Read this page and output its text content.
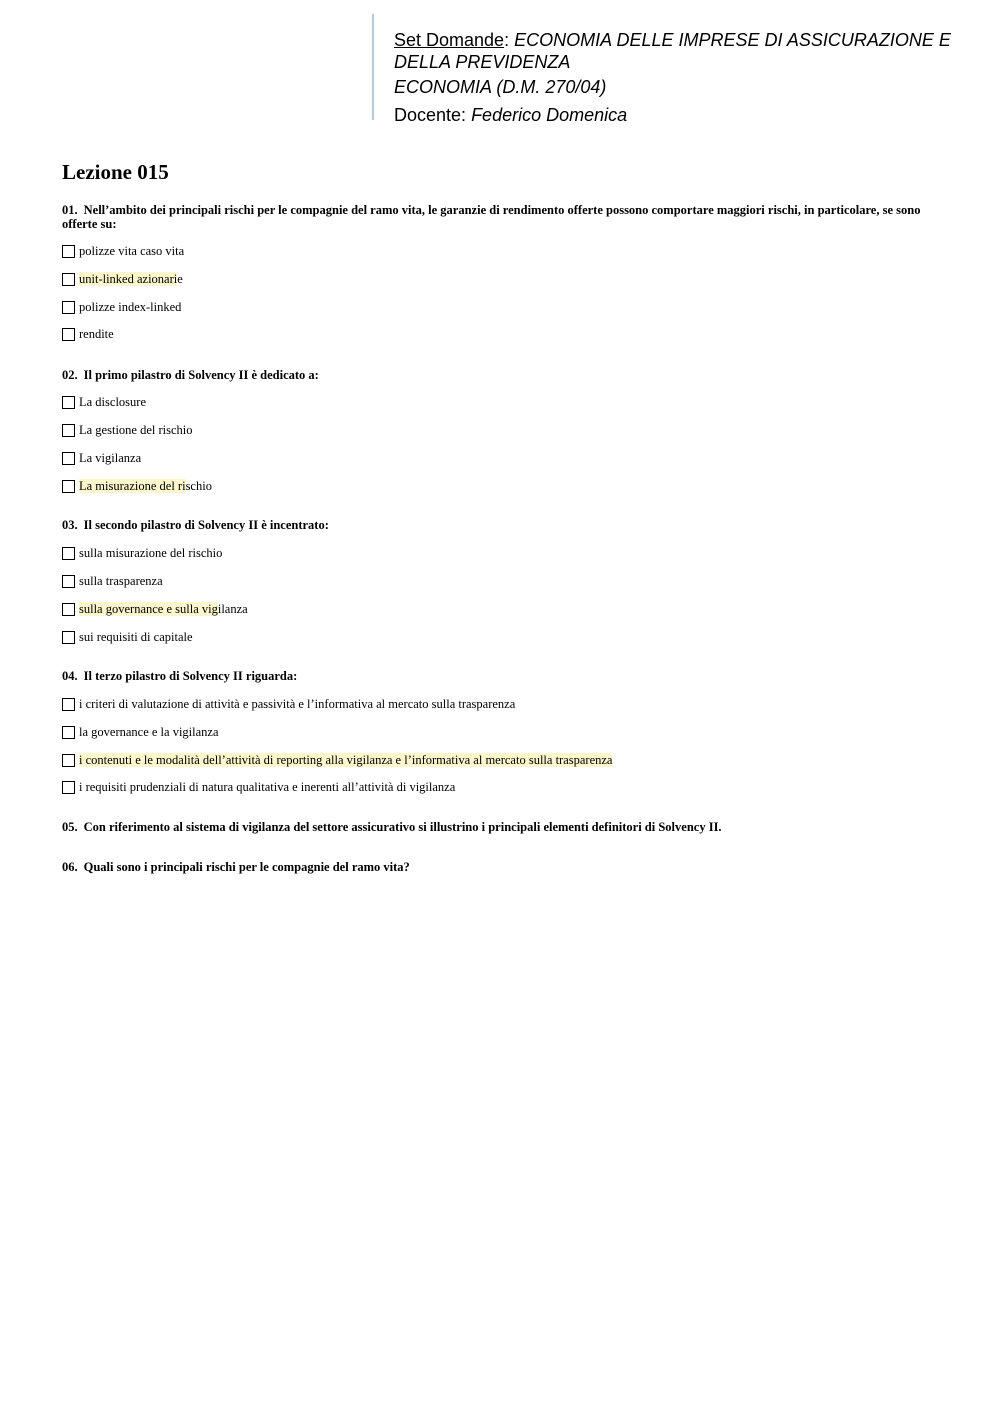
Set Domande: ECONOMIA DELLE IMPRESE DI ASSICURAZIONE E
DELLA PREVIDENZA
ECONOMIA (D.M. 270/04)
Docente: Federico Domenica
Lezione 015
01. Nell’ambito dei principali rischi per le compagnie del ramo vita, le garanzie di rendimento offerte possono comportare maggiori rischi, in particolare, se sono offerte su:
polizze vita caso vita
unit-linked azionarie
polizze index-linked
rendite
02. Il primo pilastro di Solvency II è dedicato a:
La disclosure
La gestione del rischio
La vigilanza
La misurazione del rischio
03. Il secondo pilastro di Solvency II è incentrato:
sulla misurazione del rischio
sulla trasparenza
sulla governance e sulla vigilanza
sui requisiti di capitale
04. Il terzo pilastro di Solvency II riguarda:
i criteri di valutazione di attività e passività e l’informativa al mercato sulla trasparenza
la governance e la vigilanza
i contenuti e le modalità dell’attività di reporting alla vigilanza e l’informativa al mercato sulla trasparenza
i requisiti prudenziali di natura qualitativa e inerenti all’attività di vigilanza
05. Con riferimento al sistema di vigilanza del settore assicurativo si illustrino i principali elementi definitori di Solvency II.
06. Quali sono i principali rischi per le compagnie del ramo vita?
